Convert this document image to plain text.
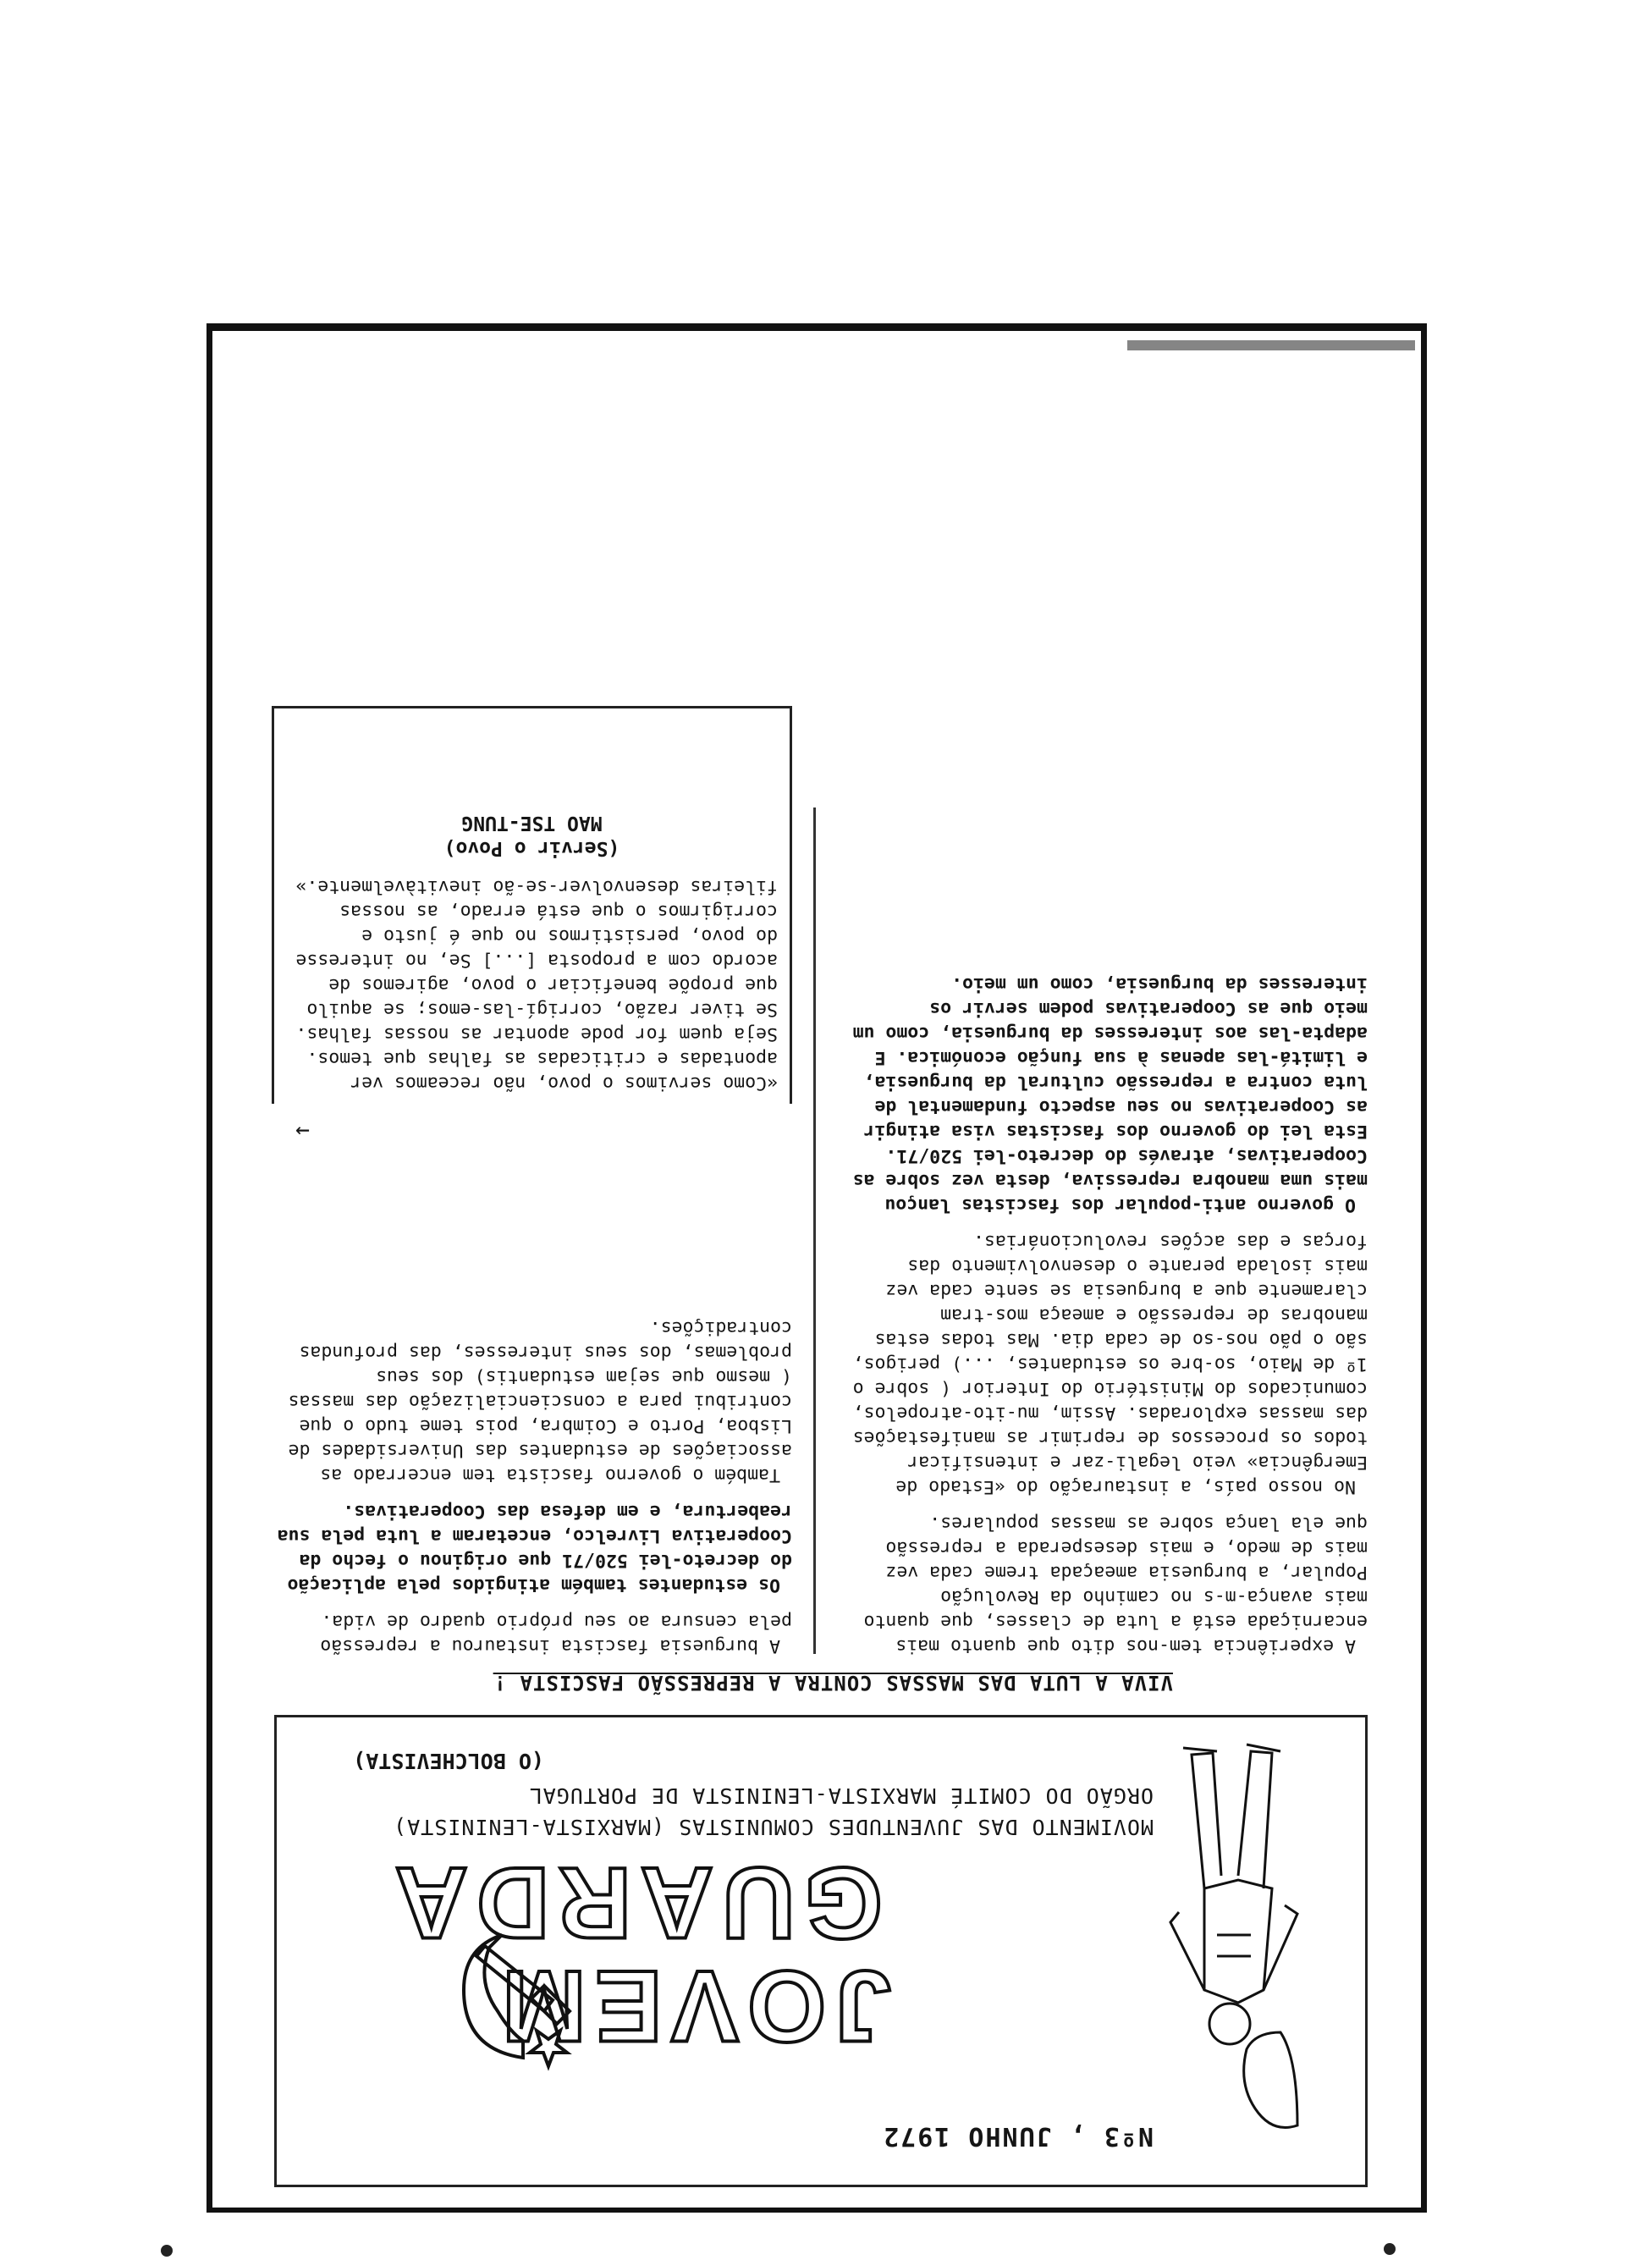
Nº3 , JUNHO 1972
JOVEM
GUARDA
MOVIMENTO DAS JUVENTUDES COMUNISTAS (MARXISTA-LENINISTA)
ORGÃO DO COMITÉ MARXISTA-LENINISTA DE PORTUGAL
(O BOLCHEVISTA)
VIVA A LUTA DAS MASSAS CONTRA A REPRESSÃO FASCISTA !

A experiência tem-nos dito que quanto mais encarniçada está a luta de classes, que quanto mais avança-m-s no caminho da Revolução Popular, a burguesia ameaçada treme cada vez mais de medo, e mais desesperada a repressão que ela lança sobre as massas populares.

No nosso país, a instauração do «Estado de Emergência» veio legali-zar e intensificar todos os processos de reprimir as manifestações das massas exploradas. Assim, mu-ito-atropelos, comunicados do Ministério do Interior ( sobre o 1º de Maio, so-bre os estudantes, ...) perigos, são o pão nos-so de cada dia. Mas todas estas manobras de repressão e ameaça mos-tram claramente que a burguesia se sente cada vez mais isolada perante o desenvolvimento das forças e das acções revolucionárias.

O governo anti-popular dos fascistas lançou mais uma manobra repressiva, desta vez sobre as Cooperativas, através do decreto-lei 520/71. Esta lei do governo dos fascistas visa atingir as Cooperativas no seu aspecto fundamental de luta contra a repressão cultural da burguesia, e limitá-las apenas à sua função económica. E adapta-las aos interesses da burguesia, como um meio que as Cooperativas podem servir os interesses da burguesia, como um meio.

A burguesia fascista instaurou a repressão pela censura ao seu próprio quadro de vida.

Os estudantes também atingidos pela aplicação do decreto-lei 520/71 que originou o fecho da Cooperativa Livrelco, encetaram a luta pela sua reabertura, e em defesa das Cooperativas.

Também o governo fascista tem encerrado as associações de estudantes das Universidades de Lisboa, Porto e Coimbra, pois teme tudo o que contribui para a consciencialização das massas ( mesmo que sejam estudantis) dos seus problemas, dos seus interesses, das profundas contradições.

→

«Como servimos o povo, não receamos ver apontadas e criticadas as falhas que temos. Seja quem for pode apontar as nossas falhas. Se tiver razão, corrigí-las-emos; se aquilo que propõe beneficiar o povo, agiremos de acordo com a proposta [...] Se, no interesse do povo, persistirmos no que é justo e corrigirmos o que está errado, as nossas fileiras desenvolver-se-ão inevitàvelmente.»

(Servir o Povo)
MAO TSE-TUNG
